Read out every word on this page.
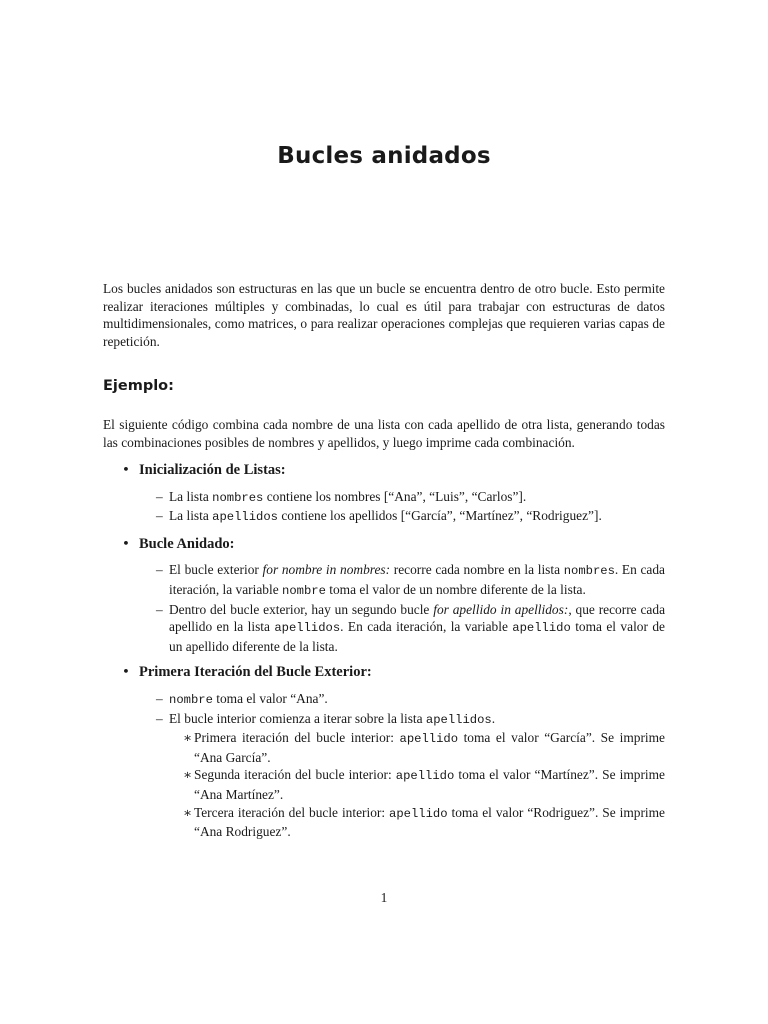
Bucles anidados

Los bucles anidados son estructuras en las que un bucle se encuentra dentro de otro bucle. Esto permite realizar iteraciones múltiples y combinadas, lo cual es útil para trabajar con estructuras de datos multidimensionales, como matrices, o para realizar operaciones complejas que requieren varias capas de repetición.

Ejemplo:

El siguiente código combina cada nombre de una lista con cada apellido de otra lista, generando todas las combinaciones posibles de nombres y apellidos, y luego imprime cada combinación.

• Inicialización de Listas:

– La lista nombres contiene los nombres [“Ana”, “Luis”, “Carlos”].

– La lista apellidos contiene los apellidos [“García”, “Martínez”, “Rodriguez”].

• Bucle Anidado:

– El bucle exterior for nombre in nombres: recorre cada nombre en la lista nombres. En cada iteración, la variable nombre toma el valor de un nombre diferente de la lista.

– Dentro del bucle exterior, hay un segundo bucle for apellido in apellidos:, que recorre cada apellido en la lista apellidos. En cada iteración, la variable apellido toma el valor de un apellido diferente de la lista.

• Primera Iteración del Bucle Exterior:

– nombre toma el valor “Ana”.

– El bucle interior comienza a iterar sobre la lista apellidos.

∗ Primera iteración del bucle interior: apellido toma el valor “García”. Se imprime “Ana García”.

∗ Segunda iteración del bucle interior: apellido toma el valor “Martínez”. Se imprime “Ana Martínez”.

∗ Tercera iteración del bucle interior: apellido toma el valor “Rodriguez”. Se imprime “Ana Rodriguez”.

1
